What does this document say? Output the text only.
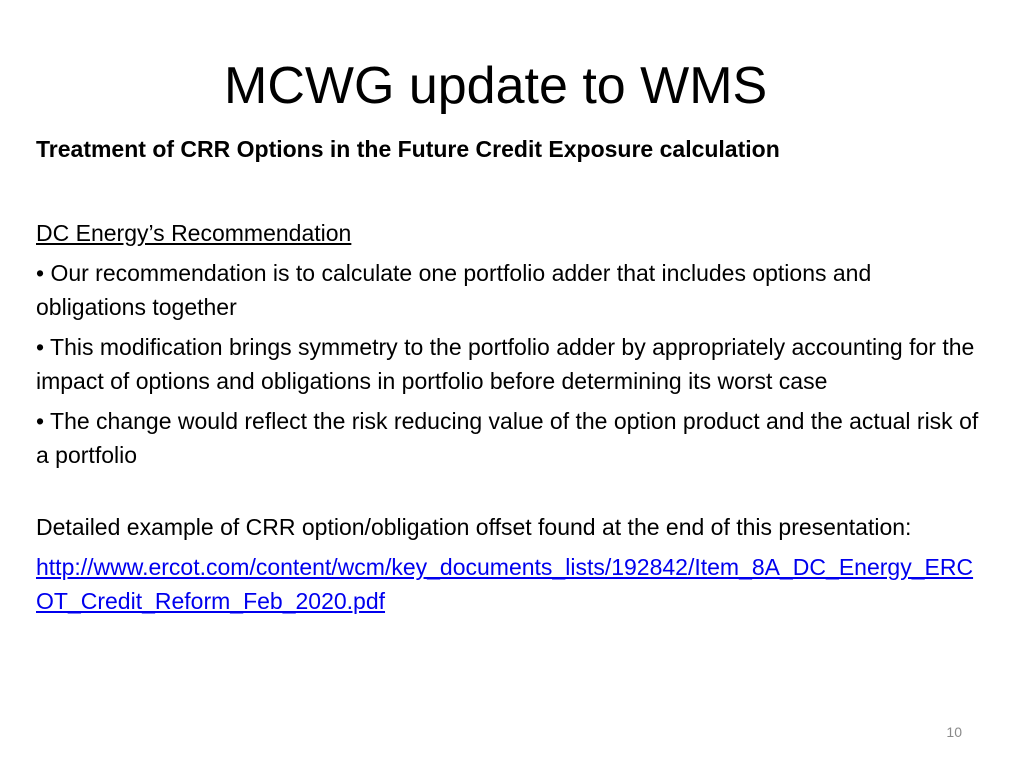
MCWG update to WMS
Treatment of CRR Options in the Future Credit Exposure calculation
DC Energy’s Recommendation
• Our recommendation is to calculate one portfolio adder that includes options and obligations together
• This modification brings symmetry to the portfolio adder by appropriately accounting for the impact of options and obligations in portfolio before determining its worst case
• The change would reflect the risk reducing value of the option product and the actual risk of a portfolio
Detailed example of CRR option/obligation offset found at the end of this presentation:
http://www.ercot.com/content/wcm/key_documents_lists/192842/Item_8A_DC_Energy_ERCOT_Credit_Reform_Feb_2020.pdf
10
